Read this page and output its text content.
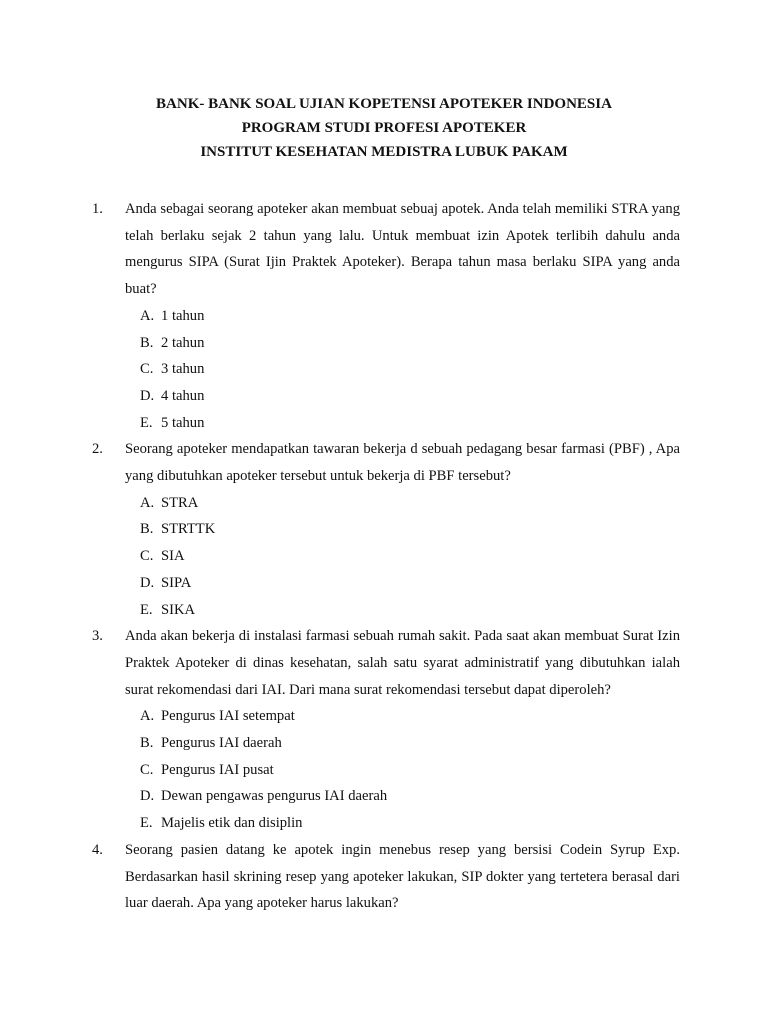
BANK- BANK SOAL UJIAN KOPETENSI APOTEKER INDONESIA
PROGRAM STUDI PROFESI APOTEKER
INSTITUT KESEHATAN MEDISTRA LUBUK PAKAM
1.	Anda sebagai seorang apoteker akan membuat sebuaj apotek. Anda telah memiliki STRA yang telah berlaku sejak 2 tahun yang lalu. Untuk membuat izin Apotek terlibih dahulu anda mengurus SIPA (Surat Ijin Praktek Apoteker). Berapa tahun masa berlaku SIPA yang anda buat?
A. 1 tahun
B. 2 tahun
C. 3 tahun
D. 4 tahun
E. 5 tahun
2.	Seorang apoteker mendapatkan tawaran bekerja d sebuah pedagang besar farmasi (PBF) , Apa yang dibutuhkan apoteker tersebut untuk bekerja di PBF tersebut?
A. STRA
B. STRTTK
C. SIA
D. SIPA
E. SIKA
3.	Anda akan bekerja di instalasi farmasi sebuah rumah sakit. Pada saat akan membuat Surat Izin Praktek Apoteker di dinas kesehatan, salah satu syarat administratif yang dibutuhkan ialah surat rekomendasi dari IAI. Dari mana surat rekomendasi tersebut dapat diperoleh?
A. Pengurus IAI setempat
B. Pengurus IAI daerah
C. Pengurus IAI pusat
D. Dewan pengawas pengurus IAI daerah
E. Majelis etik dan disiplin
4.	Seorang pasien datang ke apotek ingin menebus resep yang bersisi Codein Syrup Exp. Berdasarkan hasil skrining resep yang apoteker lakukan, SIP dokter yang tertetera berasal dari luar daerah. Apa yang apoteker harus lakukan?
